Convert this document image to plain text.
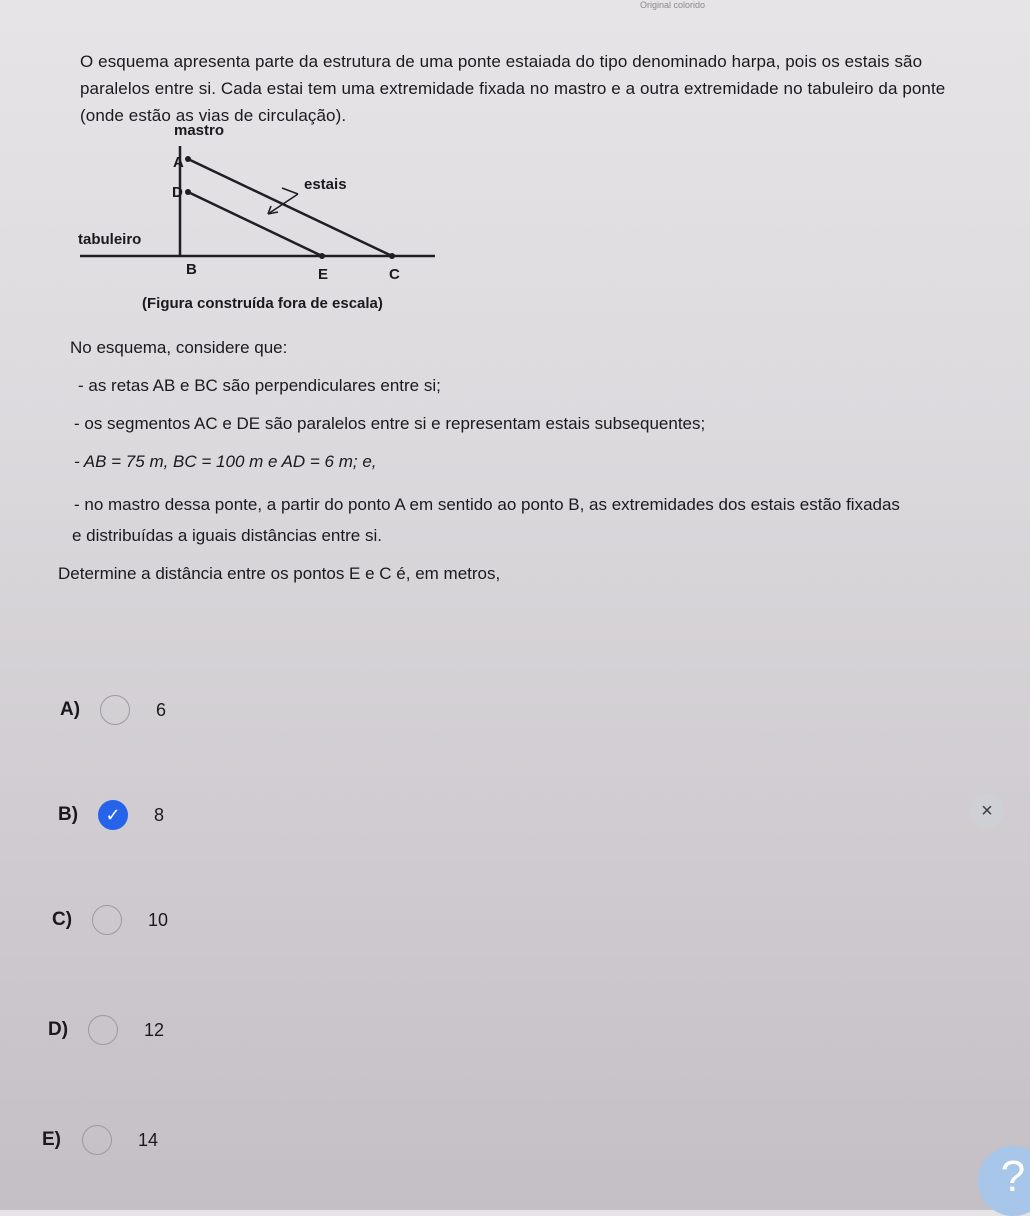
Original colorido
O esquema apresenta parte da estrutura de uma ponte estaiada do tipo denominado harpa, pois os estais são paralelos entre si. Cada estai tem uma extremidade fixada no mastro e a outra extremidade no tabuleiro da ponte (onde estão as vias de circulação).
mastro
A
D	estais
tabuleiro
B	E	C
(Figura construída fora de escala)
No esquema, considere que:
- as retas AB e BC são perpendiculares entre si;
- os segmentos AC e DE são paralelos entre si e representam estais subsequentes;
- AB = 75 m, BC = 100 m e AD = 6 m; e,
- no mastro dessa ponte, a partir do ponto A em sentido ao ponto B, as extremidades dos estais estão fixadas
e distribuídas a iguais distâncias entre si.
Determine a distância entre os pontos E e C é, em metros,
A)	6
B)	✓ 8
C)	10
D)	12
E)	14
×
?
